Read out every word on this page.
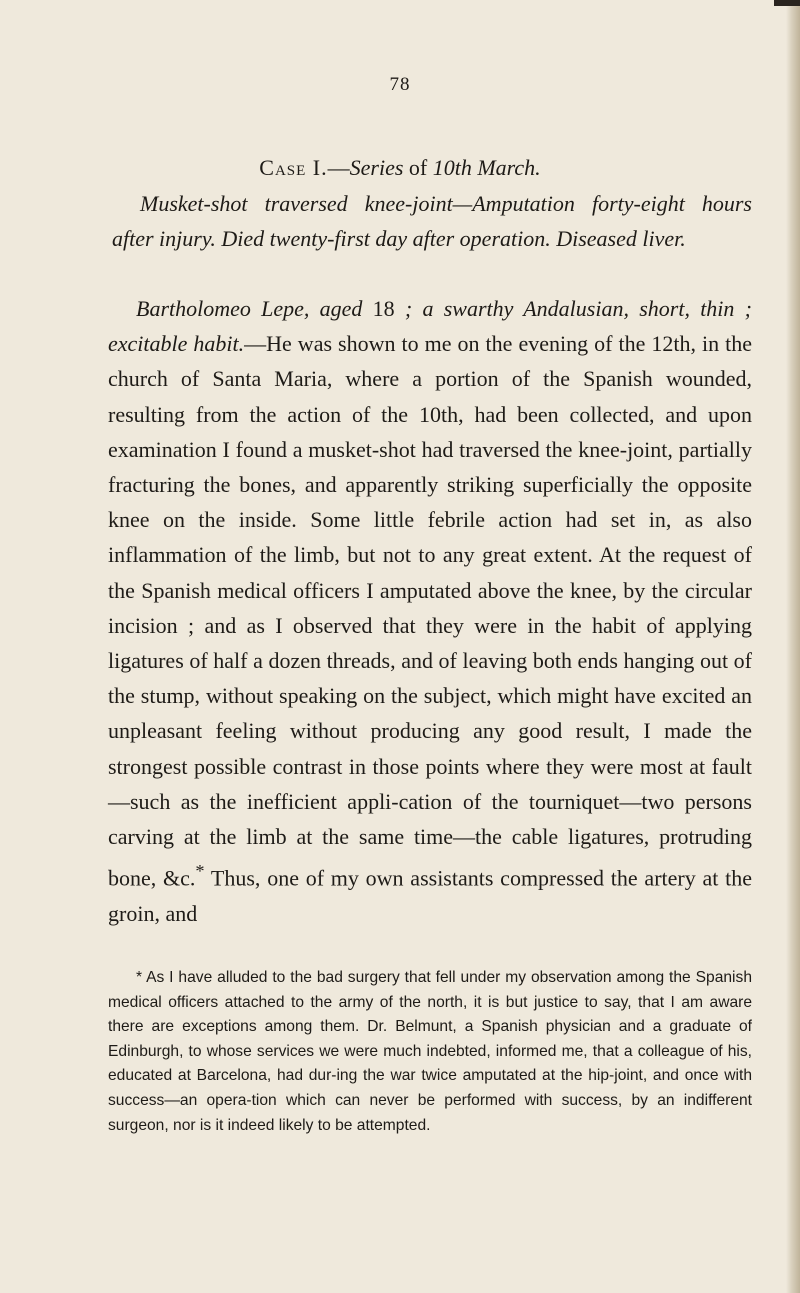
78
Case I.—Series of 10th March.
Musket-shot traversed knee-joint—Amputation forty-eight hours after injury. Died twenty-first day after operation. Diseased liver.
Bartholomeo Lepe, aged 18 ; a swarthy Andalusian, short, thin ; excitable habit.—He was shown to me on the evening of the 12th, in the church of Santa Maria, where a portion of the Spanish wounded, resulting from the action of the 10th, had been collected, and upon examination I found a musket-shot had traversed the knee-joint, partially fracturing the bones, and apparently striking superficially the opposite knee on the inside. Some little febrile action had set in, as also inflammation of the limb, but not to any great extent. At the request of the Spanish medical officers I amputated above the knee, by the circular incision ; and as I observed that they were in the habit of applying ligatures of half a dozen threads, and of leaving both ends hanging out of the stump, without speaking on the subject, which might have excited an unpleasant feeling without producing any good result, I made the strongest possible contrast in those points where they were most at fault—such as the inefficient appli-cation of the tourniquet—two persons carving at the limb at the same time—the cable ligatures, protruding bone, &c.* Thus, one of my own assistants compressed the artery at the groin, and
* As I have alluded to the bad surgery that fell under my observation among the Spanish medical officers attached to the army of the north, it is but justice to say, that I am aware there are exceptions among them. Dr. Belmunt, a Spanish physician and a graduate of Edinburgh, to whose services we were much indebted, informed me, that a colleague of his, educated at Barcelona, had dur-ing the war twice amputated at the hip-joint, and once with success—an opera-tion which can never be performed with success, by an indifferent surgeon, nor is it indeed likely to be attempted.
